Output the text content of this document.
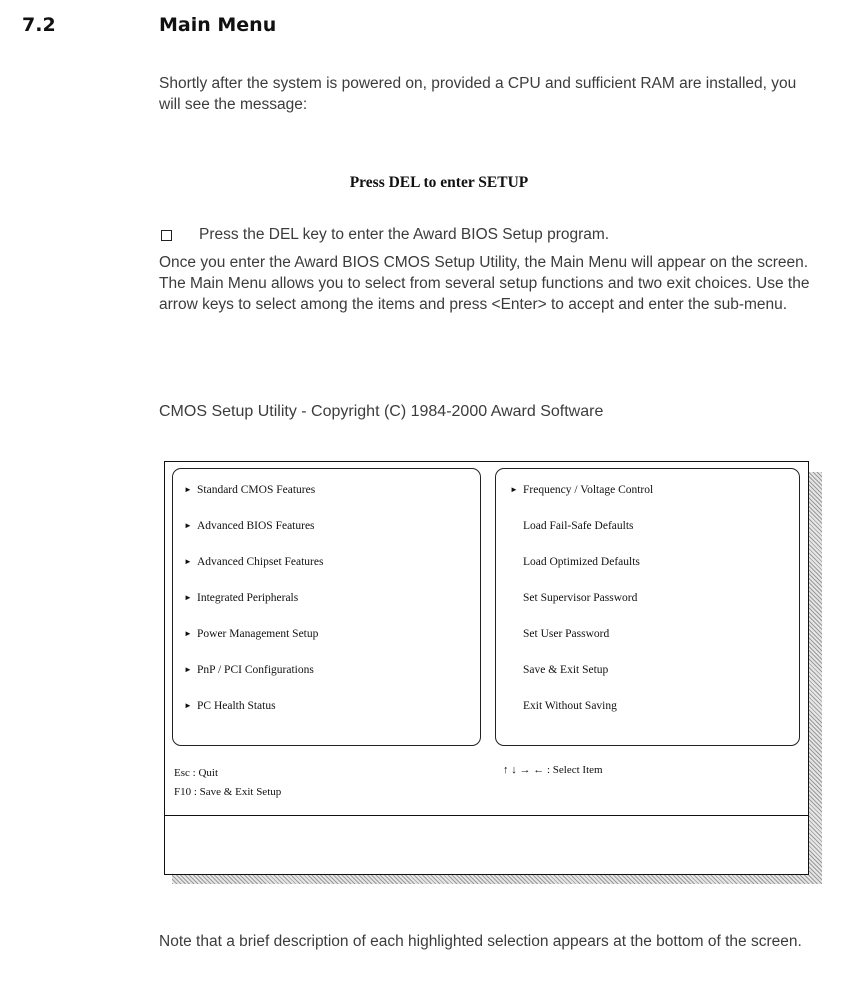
7.2	Main Menu

Shortly after the system is powered on, provided a CPU and sufficient RAM are installed, you will see the message:

Press DEL to enter SETUP
Press the DEL key to enter the Award BIOS Setup program.

Once you enter the Award BIOS CMOS Setup Utility, the Main Menu will appear on the screen. The Main Menu allows you to select from several setup functions and two exit choices. Use the arrow keys to select among the items and press <Enter> to accept and enter the sub-menu.

CMOS Setup Utility - Copyright (C) 1984-2000 Award Software
► Standard CMOS Features
► Advanced BIOS Features
► Advanced Chipset Features
► Integrated Peripherals
► Power Management Setup
► PnP / PCI Configurations
► PC Health Status
► Frequency / Voltage Control
Load Fail-Safe Defaults
Load Optimized Defaults
Set Supervisor Password
Set User Password
Save & Exit Setup
Exit Without Saving
Esc : Quit
F10 : Save & Exit Setup
↑ ↓ → ← : Select Item

Note that a brief description of each highlighted selection appears at the bottom of the screen.
